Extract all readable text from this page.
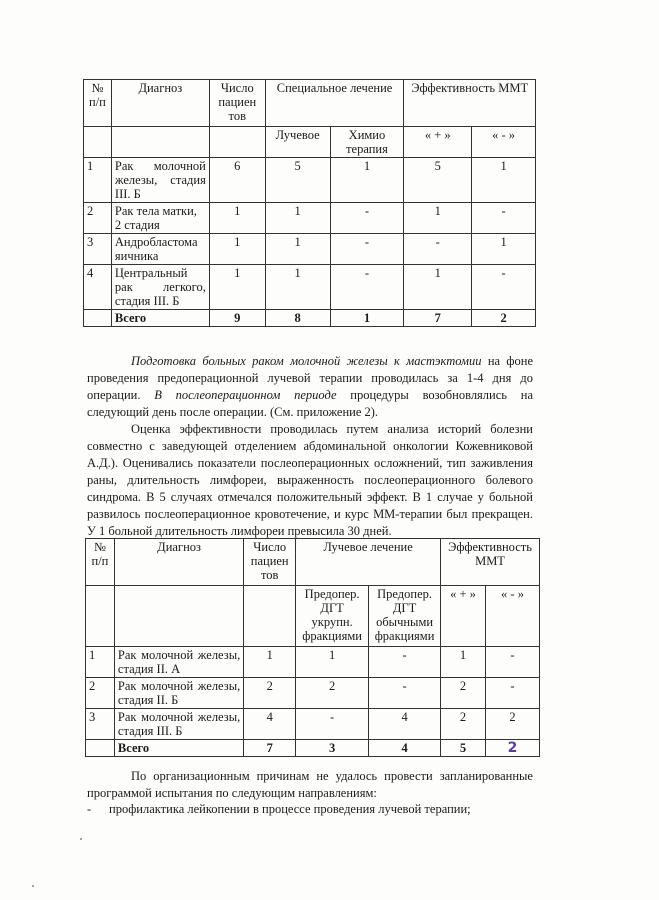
№ п/п	Диагноз	Число пациен тов	Специальное лечение		Эффективность ММТ	
			Лучевое	Химио терапия	« + »	« - »
1	Рак молочной железы, стадия III. Б	6	5	1	5	1
2	Рак тела матки, 2 стадия	1	1	-	1	-
3	Андробластома яичника	1	1	-	-	1
4	Центральный рак легкого, стадия III. Б	1	1	-	1	-
	Всего	9	8	1	7	2

Подготовка больных раком молочной железы к мастэктомии на фоне проведения предоперационной лучевой терапии проводилась за 1-4 дня до операции. В послеоперационном периоде процедуры возобновлялись на следующий день после операции. (См. приложение 2).

Оценка эффективности проводилась путем анализа историй болезни совместно с заведующей отделением абдоминальной онкологии Кожевниковой А.Д.). Оценивались показатели послеоперационных осложнений, тип заживления раны, длительность лимфореи, выраженность послеоперационного болевого синдрома. В 5 случаях отмечался положительный эффект. В 1 случае у больной развилось послеоперационное кровотечение, и курс ММ-терапии был прекращен. У 1 больной длительность лимфореи превысила 30 дней.

№ п/п	Диагноз	Число пациен тов	Лучевое лечение		Эффективность ММТ	
			Предопер. ДГТ укрупн. фракциями	Предопер. ДГТ обычными фракциями	« + »	« - »
1	Рак молочной железы, стадия II. А	1	1	-	1	-
2	Рак молочной железы, стадия II. Б	2	2	-	2	-
3	Рак молочной железы, стадия III. Б	4	-	4	2	2
	Всего	7	3	4	5	2

По организационным причинам не удалось провести запланированные программой испытания по следующим направлениям:

- профилактика лейкопении в процессе проведения лучевой терапии;
